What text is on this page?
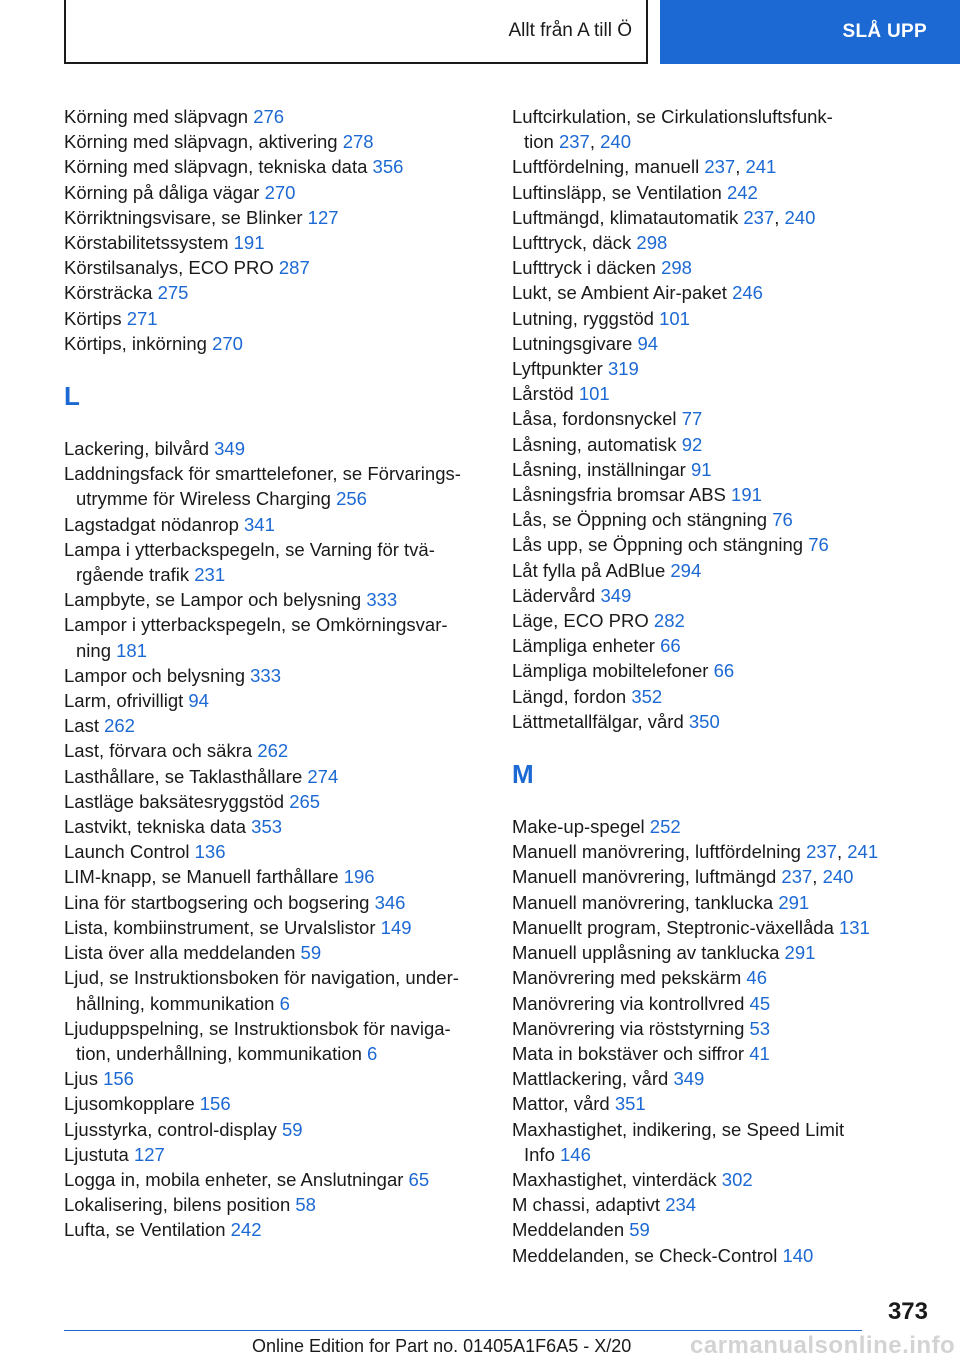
Allt från A till Ö	SLÅ UPP
Körning med släpvagn 276
Körning med släpvagn, aktivering 278
Körning med släpvagn, tekniska data 356
Körning på dåliga vägar 270
Körriktningsvisare, se Blinker 127
Körstabilitetssystem 191
Körstilsanalys, ECO PRO 287
Körsträcka 275
Körtips 271
Körtips, inkörning 270
L
Lackering, bilvård 349
Laddningsfack för smarttelefoner, se Förvarings-
utrymme för Wireless Charging 256
Lagstadgat nödanrop 341
Lampa i ytterbackspegeln, se Varning för tvä-
rgående trafik 231
Lampbyte, se Lampor och belysning 333
Lampor i ytterbackspegeln, se Omkörningsvar-
ning 181
Lampor och belysning 333
Larm, ofrivilligt 94
Last 262
Last, förvara och säkra 262
Lasthållare, se Taklasthållare 274
Lastläge baksätesryggstöd 265
Lastvikt, tekniska data 353
Launch Control 136
LIM-knapp, se Manuell farthållare 196
Lina för startbogsering och bogsering 346
Lista, kombiinstrument, se Urvalslistor 149
Lista över alla meddelanden 59
Ljud, se Instruktionsboken för navigation, under-
hållning, kommunikation 6
Ljuduppspelning, se Instruktionsbok för naviga-
tion, underhållning, kommunikation 6
Ljus 156
Ljusomkopplare 156
Ljusstyrka, control-display 59
Ljustuta 127
Logga in, mobila enheter, se Anslutningar 65
Lokalisering, bilens position 58
Lufta, se Ventilation 242
Luftcirkulation, se Cirkulationsluftsfunk-
tion 237, 240
Luftfördelning, manuell 237, 241
Luftinsläpp, se Ventilation 242
Luftmängd, klimatautomatik 237, 240
Lufttryck, däck 298
Lufttryck i däcken 298
Lukt, se Ambient Air-paket 246
Lutning, ryggstöd 101
Lutningsgivare 94
Lyftpunkter 319
Lårstöd 101
Låsa, fordonsnyckel 77
Låsning, automatisk 92
Låsning, inställningar 91
Låsningsfria bromsar ABS 191
Lås, se Öppning och stängning 76
Lås upp, se Öppning och stängning 76
Låt fylla på AdBlue 294
Lädervård 349
Läge, ECO PRO 282
Lämpliga enheter 66
Lämpliga mobiltelefoner 66
Längd, fordon 352
Lättmetallfälgar, vård 350
M
Make-up-spegel 252
Manuell manövrering, luftfördelning 237, 241
Manuell manövrering, luftmängd 237, 240
Manuell manövrering, tanklucka 291
Manuellt program, Steptronic-växellåda 131
Manuell upplåsning av tanklucka 291
Manövrering med pekskärm 46
Manövrering via kontrollvred 45
Manövrering via röststyrning 53
Mata in bokstäver och siffror 41
Mattlackering, vård 349
Mattor, vård 351
Maxhastighet, indikering, se Speed Limit
Info 146
Maxhastighet, vinterdäck 302
M chassi, adaptivt 234
Meddelanden 59
Meddelanden, se Check-Control 140
373
Online Edition for Part no. 01405A1F6A5 - X/20 carmanualsonline.info
